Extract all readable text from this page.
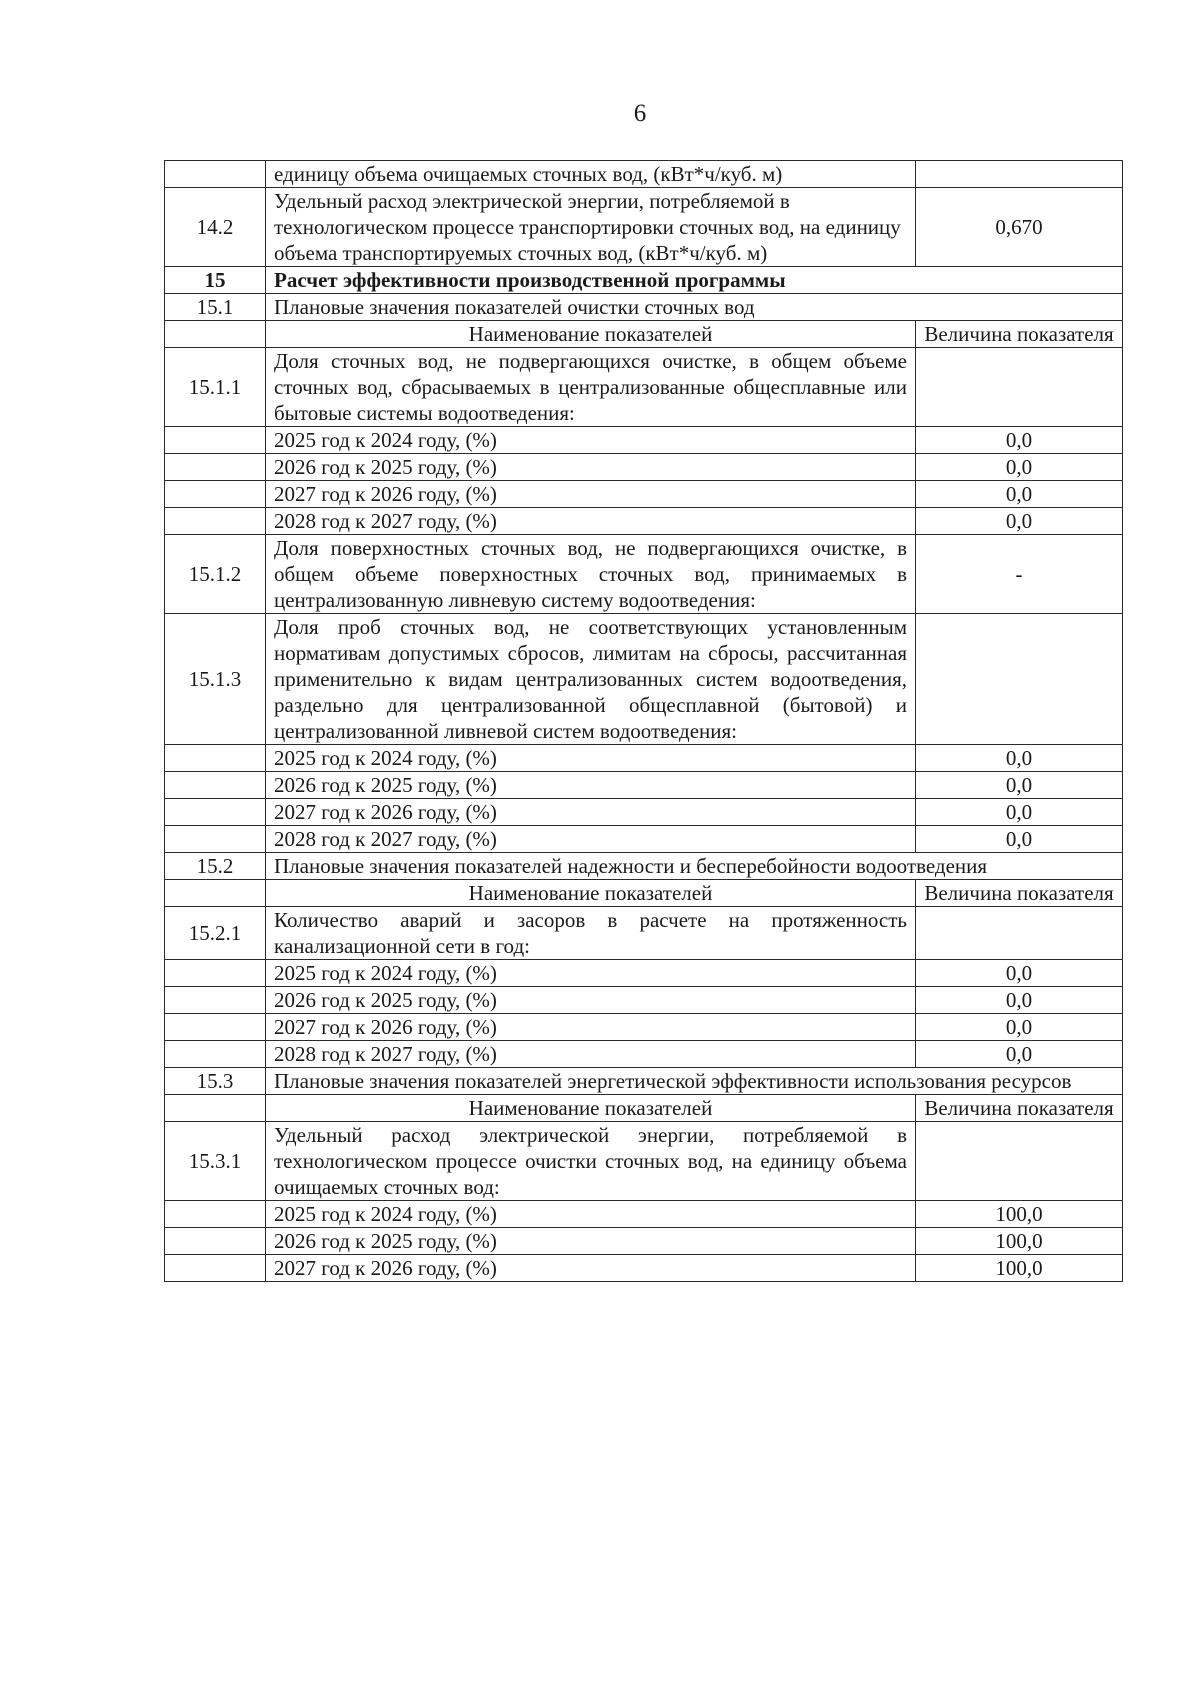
6
	единицу объема очищаемых сточных вод, (кВт*ч/куб. м)	
14.2	Удельный расход электрической энергии, потребляемой в технологическом процессе транспортировки сточных вод, на единицу объема транспортируемых сточных вод, (кВт*ч/куб. м)	0,670
15	Расчет эффективности производственной программы	
15.1	Плановые значения показателей очистки сточных вод	
	Наименование показателей	Величина показателя
15.1.1	Доля сточных вод, не подвергающихся очистке, в общем объеме сточных вод, сбрасываемых в централизованные общесплавные или бытовые системы водоотведения:	
	2025 год к 2024 году, (%)	0,0
	2026 год к 2025 году, (%)	0,0
	2027 год к 2026 году, (%)	0,0
	2028 год к 2027 году, (%)	0,0
15.1.2	Доля поверхностных сточных вод, не подвергающихся очистке, в общем объеме поверхностных сточных вод, принимаемых в централизованную ливневую систему водоотведения:	-
15.1.3	Доля проб сточных вод, не соответствующих установленным нормативам допустимых сбросов, лимитам на сбросы, рассчитанная применительно к видам централизованных систем водоотведения, раздельно для централизованной общесплавной (бытовой) и централизованной ливневой систем водоотведения:	
	2025 год к 2024 году, (%)	0,0
	2026 год к 2025 году, (%)	0,0
	2027 год к 2026 году, (%)	0,0
	2028 год к 2027 году, (%)	0,0
15.2	Плановые значения показателей надежности и бесперебойности водоотведения	
	Наименование показателей	Величина показателя
15.2.1	Количество аварий и засоров в расчете на протяженность канализационной сети в год:	
	2025 год к 2024 году, (%)	0,0
	2026 год к 2025 году, (%)	0,0
	2027 год к 2026 году, (%)	0,0
	2028 год к 2027 году, (%)	0,0
15.3	Плановые значения показателей энергетической эффективности использования ресурсов	
	Наименование показателей	Величина показателя
15.3.1	Удельный расход электрической энергии, потребляемой в технологическом процессе очистки сточных вод, на единицу объема очищаемых сточных вод:	
	2025 год к 2024 году, (%)	100,0
	2026 год к 2025 году, (%)	100,0
	2027 год к 2026 году, (%)	100,0
